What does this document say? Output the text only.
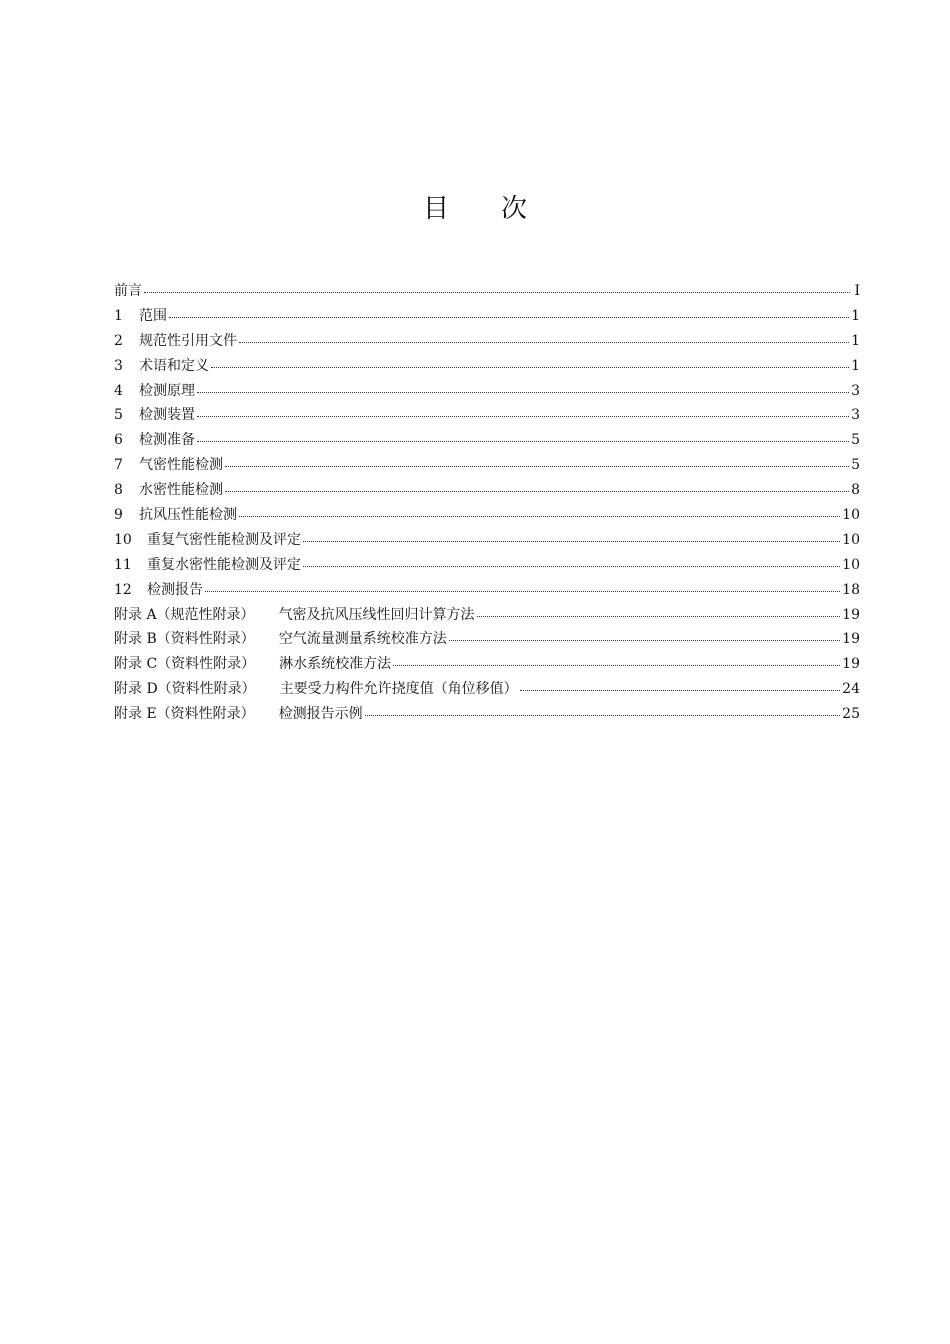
目 次
前言	I
1	范围	1
2	规范性引用文件	1
3	术语和定义	1
4	检测原理	3
5	检测装置	3
6	检测准备	5
7	气密性能检测	5
8	水密性能检测	8
9	抗风压性能检测	10
10	重复气密性能检测及评定	10
11	重复水密性能检测及评定	10
12	检测报告	18
附录 A（规范性附录）	气密及抗风压线性回归计算方法	19
附录 B（资料性附录）	空气流量测量系统校准方法	19
附录 C（资料性附录）	淋水系统校准方法	19
附录 D（资料性附录）	主要受力构件允许挠度值（角位移值）	24
附录 E（资料性附录）	检测报告示例	25
